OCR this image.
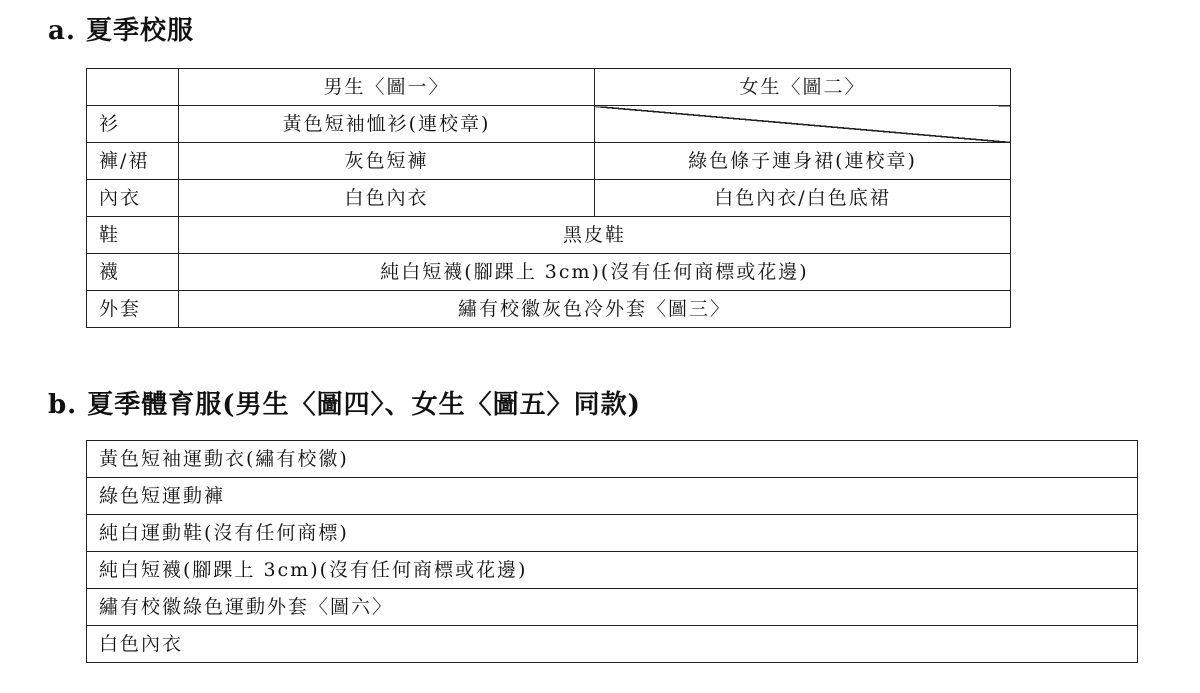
a. 夏季校服
	男生〈圖一〉	女生〈圖二〉
衫	黃色短袖恤衫(連校章)	
褲/裙	灰色短褲	綠色條子連身裙(連校章)
內衣	白色內衣	白色內衣/白色底裙
鞋	黑皮鞋	
襪	純白短襪(腳踝上 3cm)(沒有任何商標或花邊)	
外套	繡有校徽灰色冷外套〈圖三〉	
b. 夏季體育服(男生〈圖四〉、女生〈圖五〉同款)
黃色短袖運動衣(繡有校徽)
綠色短運動褲
純白運動鞋(沒有任何商標)
純白短襪(腳踝上 3cm)(沒有任何商標或花邊)
繡有校徽綠色運動外套〈圖六〉
白色內衣
